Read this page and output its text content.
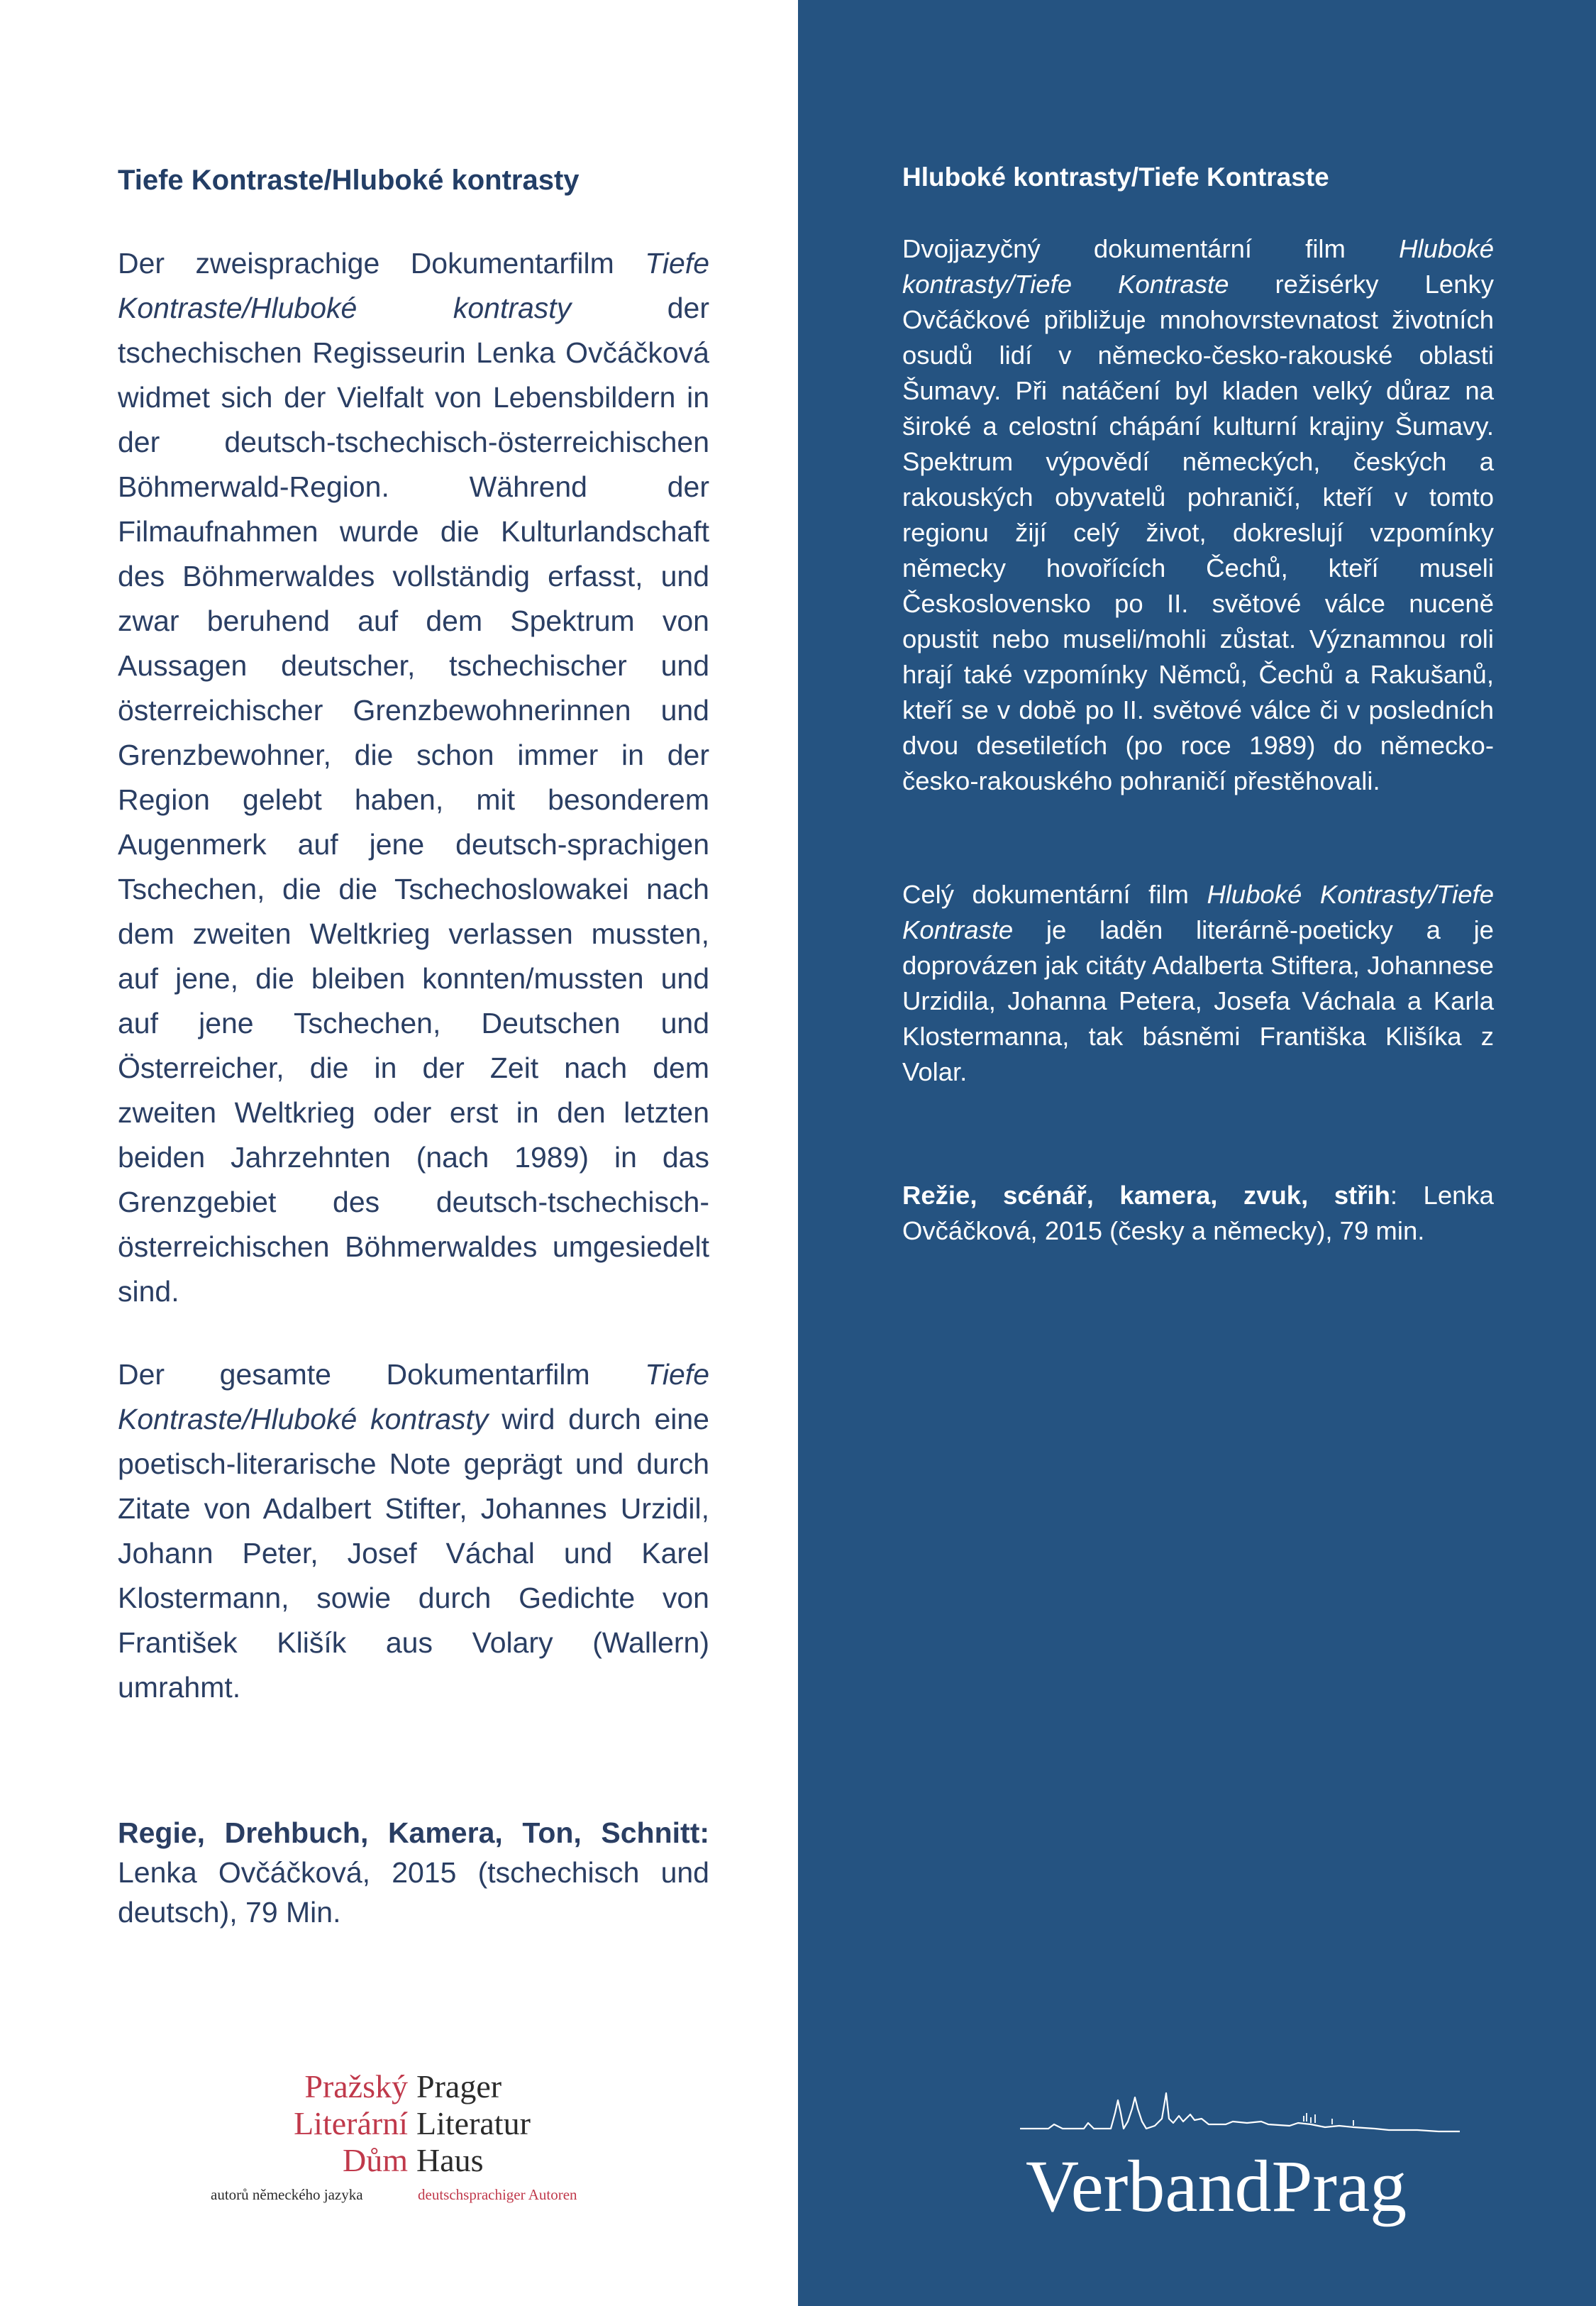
Tiefe Kontraste/Hluboké kontrasty

Der zweisprachige Dokumentarfilm Tiefe Kontraste/Hluboké kontrasty der tschechischen Regisseurin Lenka Ovčáčková widmet sich der Vielfalt von Lebensbildern in der deutsch-tschechisch-österreichischen Böhmerwald-Region. Während der Filmaufnahmen wurde die Kulturlandschaft des Böhmerwaldes vollständig erfasst, und zwar beruhend auf dem Spektrum von Aussagen deutscher, tschechischer und österreichischer Grenzbewohnerinnen und Grenzbewohner, die schon immer in der Region gelebt haben, mit besonderem Augenmerk auf jene deutsch-sprachigen Tschechen, die die Tschechoslowakei nach dem zweiten Weltkrieg verlassen mussten, auf jene, die bleiben konnten/mussten und auf jene Tschechen, Deutschen und Österreicher, die in der Zeit nach dem zweiten Weltkrieg oder erst in den letzten beiden Jahrzehnten (nach 1989) in das Grenzgebiet des deutsch-tschechisch-österreichischen Böhmerwaldes umgesiedelt sind.

Der gesamte Dokumentarfilm Tiefe Kontraste/Hluboké kontrasty wird durch eine poetisch-literarische Note geprägt und durch Zitate von Adalbert Stifter, Johannes Urzidil, Johann Peter, Josef Váchal und Karel Klostermann, sowie durch Gedichte von František Klišík aus Volary (Wallern) umrahmt.

Regie, Drehbuch, Kamera, Ton, Schnitt: Lenka Ovčáčková, 2015 (tschechisch und deutsch), 79 Min.

Hluboké kontrasty/Tiefe Kontraste

Dvojjazyčný dokumentární film Hluboké kontrasty/Tiefe Kontraste režisérky Lenky Ovčáčkové přibližuje mnohovrstevnatost životních osudů lidí v německo-česko-rakouské oblasti Šumavy. Při natáčení byl kladen velký důraz na široké a celostní chápání kulturní krajiny Šumavy. Spektrum výpovědí německých, českých a rakouských obyvatelů pohraničí, kteří v tomto regionu žijí celý život, dokreslují vzpomínky německy hovořících Čechů, kteří museli Československo po II. světové válce nuceně opustit nebo museli/mohli zůstat. Významnou roli hrají také vzpomínky Němců, Čechů a Rakušanů, kteří se v době po II. světové válce či v posledních dvou desetiletích (po roce 1989) do německo-česko-rakouského pohraničí přestěhovali.

Celý dokumentární film Hluboké Kontrasty/Tiefe Kontraste je laděn literárně-poeticky a je doprovázen jak citáty Adalberta Stiftera, Johannese Urzidila, Johanna Petera, Josefa Váchala a Karla Klostermanna, tak básněmi Františka Klišíka z Volar.

Režie, scénář, kamera, zvuk, střih: Lenka Ovčáčková, 2015 (česky a německy), 79 min.

Pražský Prager
Literární Literatur
Dům Haus
autorů německého jazyka	deutschsprachiger Autoren	VerbandPrag
